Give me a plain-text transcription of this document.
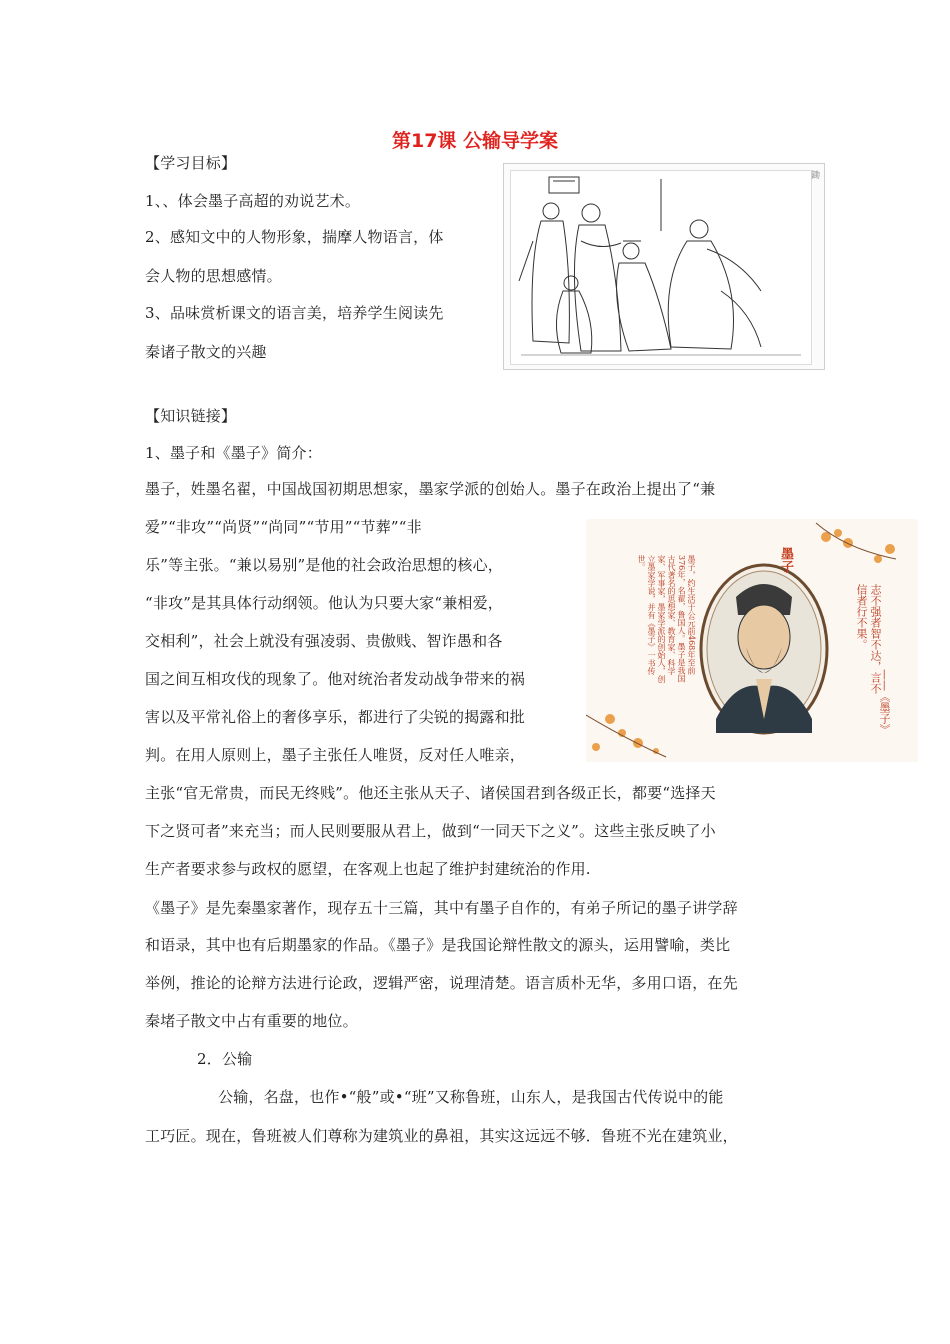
第17课 公输导学案
【学习目标】
1、、体会墨子高超的劝说艺术。
2、感知文中的人物形象，揣摩人物语言，体
会人物的思想感情。
3、品味赏析课文的语言美，培养学生阅读先
秦诸子散文的兴趣
鋤
【知识链接】
1、墨子和《墨子》简介：
墨子，姓墨名翟，中国战国初期思想家，墨家学派的创始人。墨子在政治上提出了“兼
爱”“非攻”“尚贤”“尚同”“节用”“节葬”“非
乐”等主张。“兼以易别”是他的社会政治思想的核心，
“非攻”是其具体行动纲领。他认为只要大家“兼相爱，
交相利”，社会上就没有强凌弱、贵傲贱、智诈愚和各
国之间互相攻伐的现象了。他对统治者发动战争带来的祸
害以及平常礼俗上的奢侈享乐，都进行了尖锐的揭露和批
判。在用人原则上，墨子主张任人唯贤，反对任人唯亲，
主张“官无常贵，而民无终贱”。他还主张从天子、诸侯国君到各级正长，都要“选择天
下之贤可者”来充当；而人民则要服从君上，做到“一同天下之义”。这些主张反映了小
生产者要求参与政权的愿望，在客观上也起了维护封建统治的作用.
《墨子》是先秦墨家著作，现存五十三篇，其中有墨子自作的，有弟子所记的墨子讲学辞
和语录，其中也有后期墨家的作品。《墨子》是我国论辩性散文的源头，运用譬喻，类比
举例，推论的论辩方法进行论政，逻辑严密，说理清楚。语言质朴无华，多用口语，在先
秦堵子散文中占有重要的地位。
2．公输
公输，名盘，也作•“般”或•“班”又称鲁班，山东人，是我国古代传说中的能
工巧匠。现在，鲁班被人们尊称为建筑业的鼻祖，其实这远远不够．鲁班不光在建筑业，
墨子
志不强者智不达，言不信者行不果。
——《墨子》
墨子，约生活于公元前468年至前376年，名翟，鲁国人。墨子是我国古代著名的思想家、教育家、科学家、军事家，墨家学派的创始人，创立墨家学说，并有《墨子》一书传世。
